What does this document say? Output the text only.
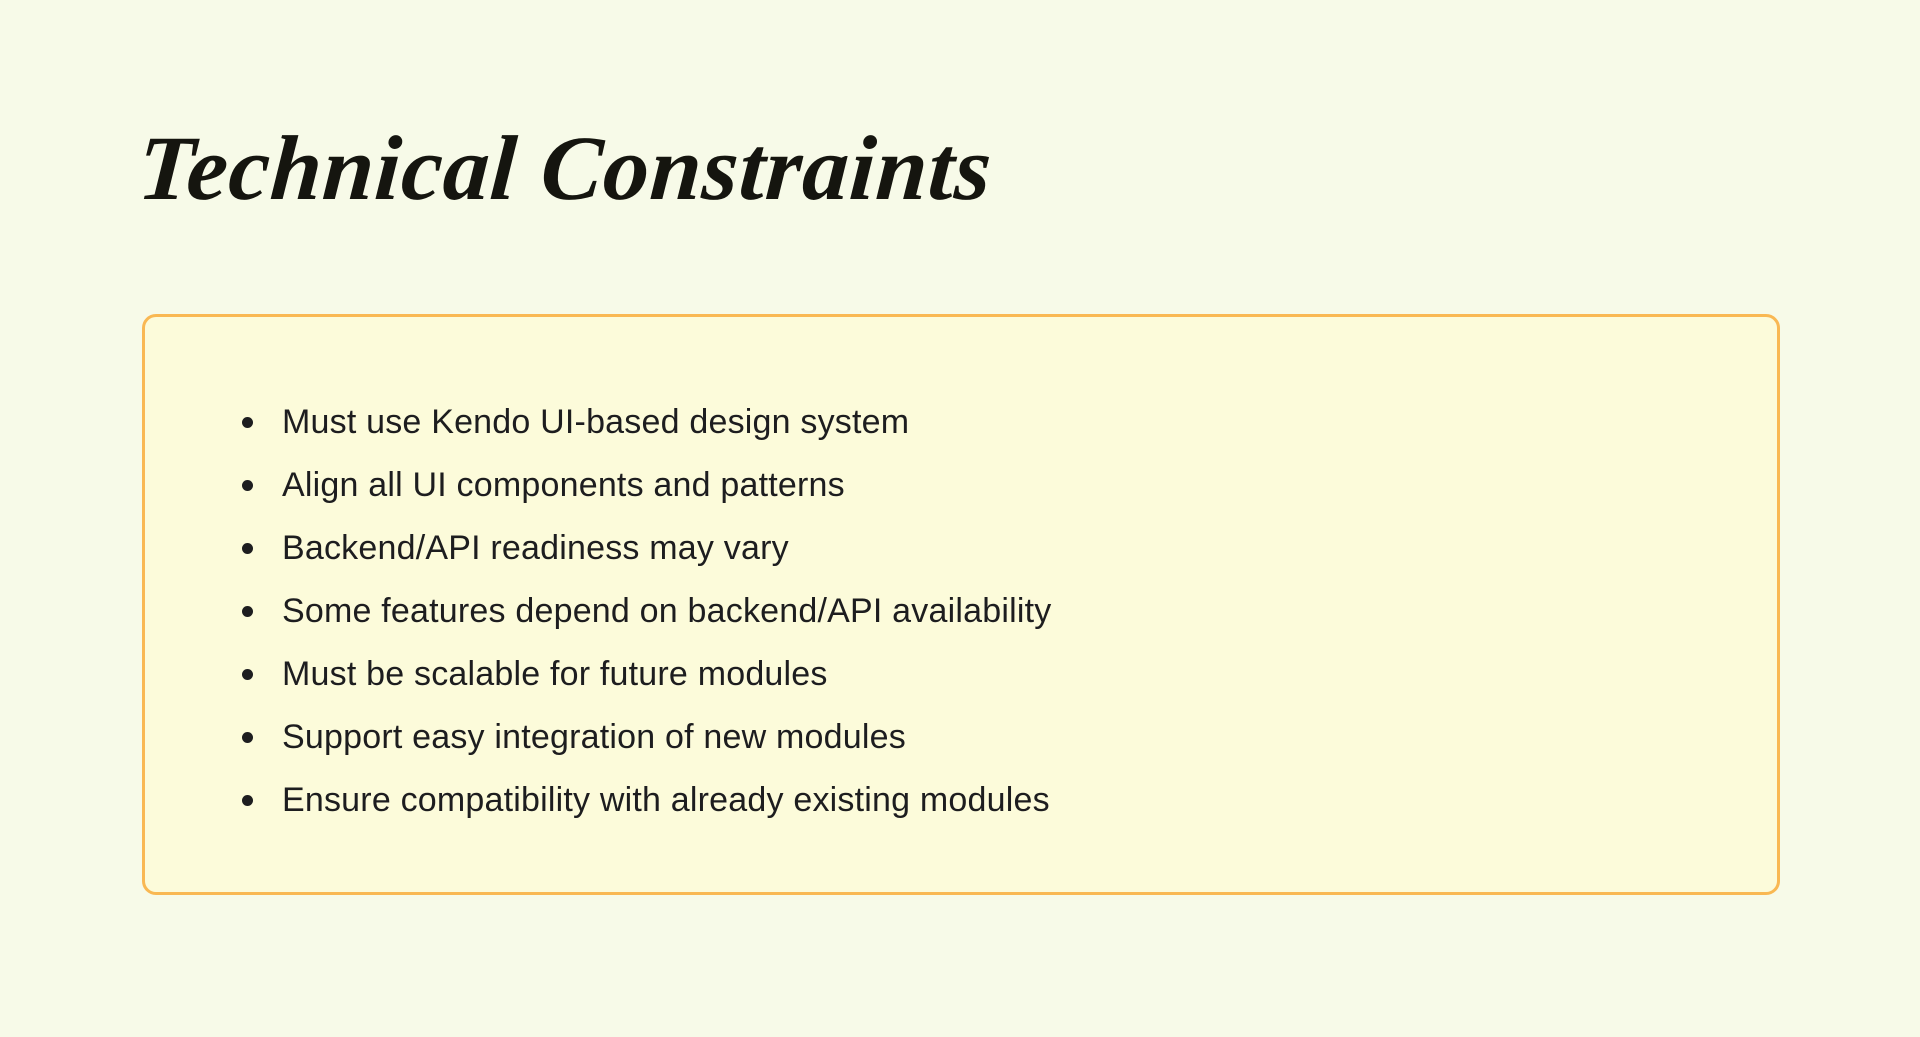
Technical Constraints
Must use Kendo UI-based design system
Align all UI components and patterns
Backend/API readiness may vary
Some features depend on backend/API availability
Must be scalable for future modules
Support easy integration of new modules
Ensure compatibility with already existing modules
